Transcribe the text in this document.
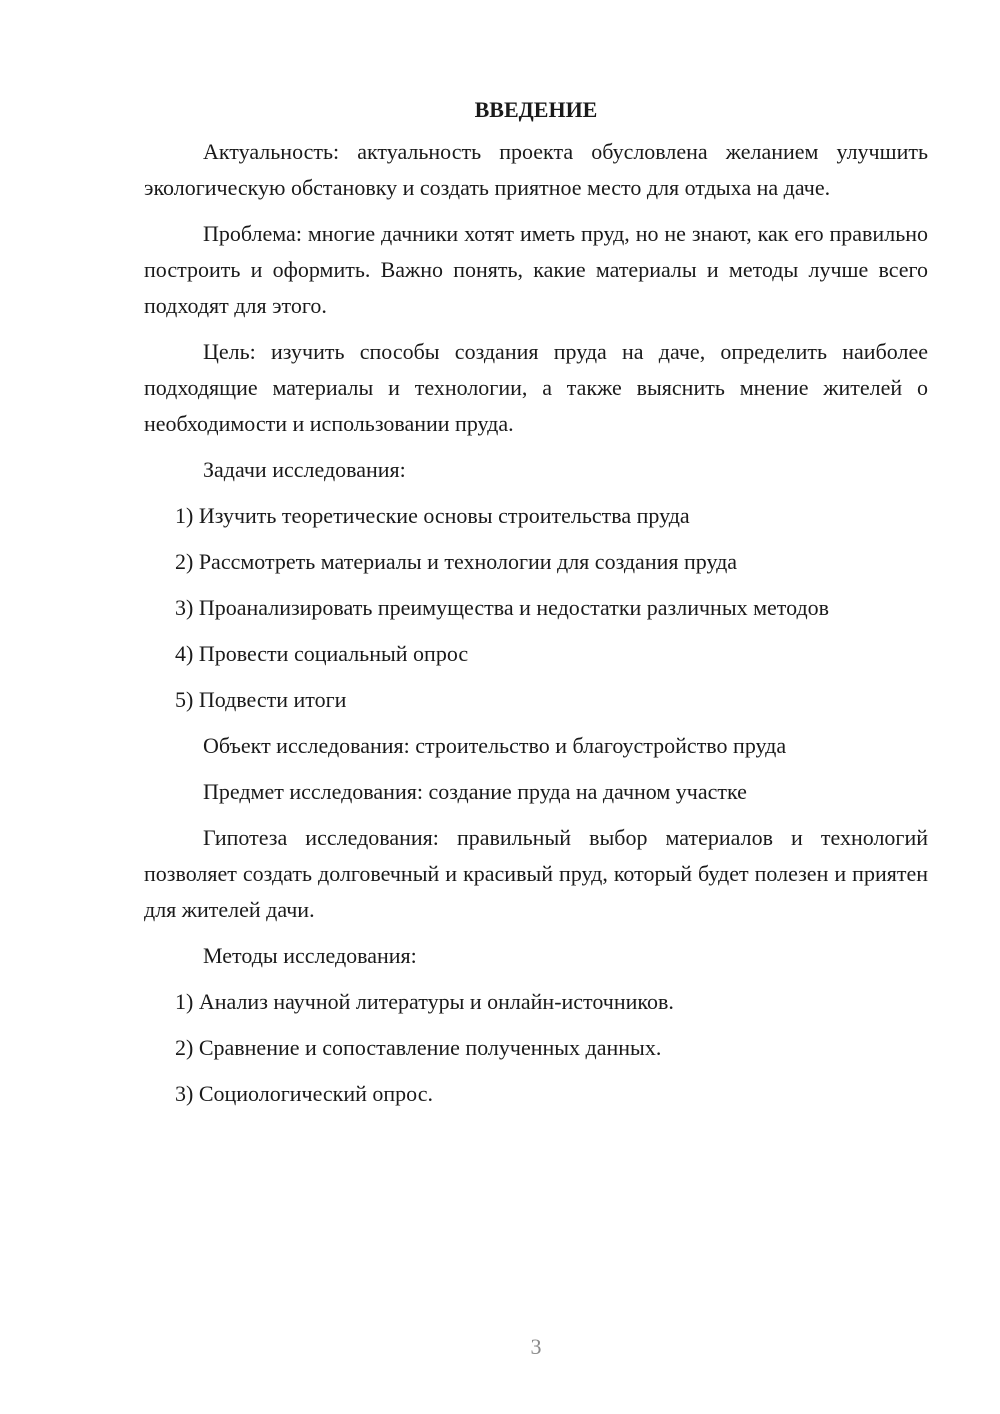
ВВЕДЕНИЕ

Актуальность: актуальность проекта обусловлена желанием улучшить экологическую обстановку и создать приятное место для отдыха на даче.

Проблема: многие дачники хотят иметь пруд, но не знают, как его правильно построить и оформить. Важно понять, какие материалы и методы лучше всего подходят для этого.

Цель: изучить способы создания пруда на даче, определить наиболее подходящие материалы и технологии, а также выяснить мнение жителей о необходимости и использовании пруда.

Задачи исследования:
1) Изучить теоретические основы строительства пруда
2) Рассмотреть материалы и технологии для создания пруда
3) Проанализировать преимущества и недостатки различных методов
4) Провести социальный опрос
5) Подвести итоги
Объект исследования: строительство и благоустройство пруда
Предмет исследования: создание пруда на дачном участке

Гипотеза исследования: правильный выбор материалов и технологий позволяет создать долговечный и красивый пруд, который будет полезен и приятен для жителей дачи.

Методы исследования:
1) Анализ научной литературы и онлайн-источников.
2) Сравнение и сопоставление полученных данных.
3) Социологический опрос.
3
